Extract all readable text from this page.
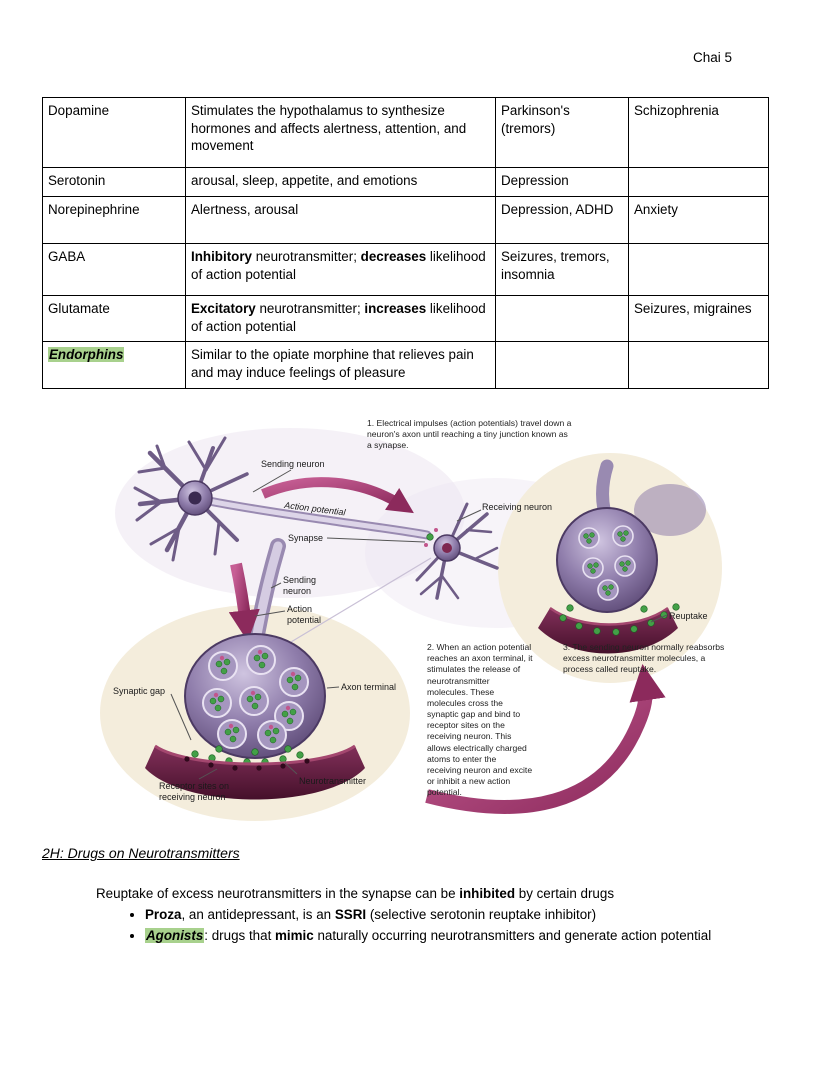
Chai 5
Dopamine	Stimulates the hypothalamus to synthesize hormones and affects alertness, attention, and movement	Parkinson's (tremors)	Schizophrenia
Serotonin	arousal, sleep, appetite, and emotions	Depression	
Norepinephrine	Alertness, arousal	Depression, ADHD	Anxiety
GABA	Inhibitory neurotransmitter; decreases likelihood of action potential	Seizures, tremors, insomnia	
Glutamate	Excitatory neurotransmitter; increases likelihood of action potential		Seizures, migraines
Endorphins	Similar to the opiate morphine that relieves pain and may induce feelings of pleasure		
1. Electrical impulses (action potentials) travel down a neuron's axon until reaching a tiny junction known as a synapse.
2. When an action potential reaches an axon terminal, it stimulates the release of neurotransmitter molecules. These molecules cross the synaptic gap and bind to receptor sites on the receiving neuron. This allows electrically charged atoms to enter the receiving neuron and excite or inhibit a new action potential.
3. The sending neuron normally reabsorbs excess neurotransmitter molecules, a process called reuptake.
Sending neuron
Action potential	Receiving neuron
Synapse
Sending neuron
Action potential
Synaptic gap	Axon terminal
Reuptake
Receptor sites on receiving neuron
Neurotransmitter
2H: Drugs on Neurotransmitters

Reuptake of excess neurotransmitters in the synapse can be inhibited by certain drugs

• Proza, an antidepressant, is an SSRI (selective serotonin reuptake inhibitor)
• Agonists: drugs that mimic naturally occurring neurotransmitters and generate action potential
